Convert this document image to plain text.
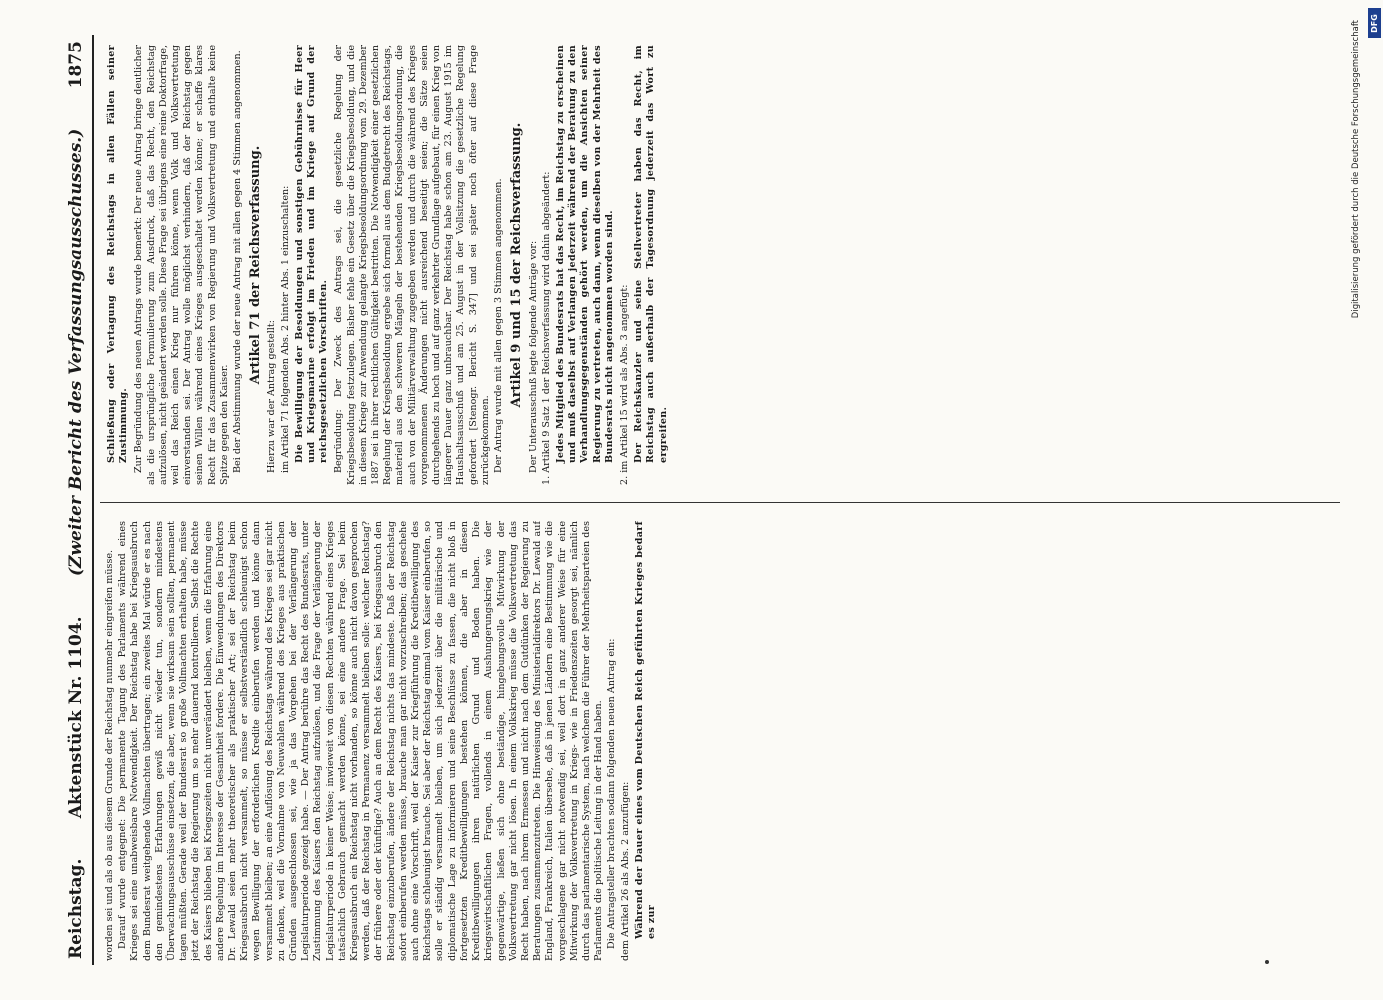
Reichstag.
Aktenstück Nr. 1104.
(Zweiter Bericht des Verfassungsausschusses.)
1875

worden sei und als ob aus diesem Grunde der Reichstag nunmehr eingreifen müsse. Darauf wurde entgegnet: Die permanente Tagung des Parlaments während eines Krieges sei eine unabweisbare Notwendigkeit. Der Reichstag habe bei Kriegsausbruch dem Bundesrat weitgehende Vollmachten übertragen; ein zweites Mal würde er es nach den gemindestens Erfahrungen gewiß nicht wieder tun, sondern mindestens Überwachungsausschüsse einsetzen, die aber, wenn sie wirksam sein sollten, permanent tagen müßten. Gerade weil der Bundesrat so große Vollmachten erhalten habe, müsse jetzt der Reichstag die Regierung um so mehr dauernd kontrollieren. Selbst die Rechte des Kaisers blieben bei Kriegszeiten nicht unverändert bleiben, wenn die Erfahrung eine andere Regelung im Interesse der Gesamtheit fordere. Die Einwendungen des Direktors Dr. Lewald seien mehr theoretischer als praktischer Art; sei der Reichstag beim Kriegsausbruch nicht versammelt, so müsse er selbstverständlich schleunigst schon wegen Bewilligung der erforderlichen Kredite einberufen werden und könne dann versammelt bleiben; an eine Auflösung des Reichstags während des Krieges sei gar nicht zu denken, weil die Vornahme von Neuwahlen während des Krieges aus praktischen Gründen ausgeschlossen sei, wie ja das Vorgehen bei der Verlängerung der Legislaturperiode gezeigt habe. — Der Antrag berühre das Recht des Bundesrats, unter Zustimmung des Kaisers den Reichstag aufzulösen, und die Frage der Verlängerung der Legislaturperiode in keiner Weise; inwieweit von diesen Rechten während eines Krieges tatsächlich Gebrauch gemacht werden könne, sei eine andere Frage. Sei beim Kriegsausbruch ein Reichstag nicht vorhanden, so könne auch nicht davon gesprochen werden, daß der Reichstag in Permanenz versammelt bleiben solle: welcher Reichstag? der frühere oder der künftige? Auch an dem Recht des Kaisers, bei Kriegsausbruch den Reichstag einzuberufen, ändere der Reichstag nichts das mindeste. Daß der Reichstag sofort einberufen werden müsse, brauche man gar nicht vorzuschreiben; das geschehe auch ohne eine Vorschrift, weil der Kaiser zur Kriegführung die Kreditbewilligung des Reichstags schleunigst brauche. Sei aber der Reichstag einmal vom Kaiser einberufen, so solle er ständig versammelt bleiben, um sich jederzeit über die militärische und diplomatische Lage zu informieren und seine Beschlüsse zu fassen, die nicht bloß in fortgesetzten Kreditbewilligungen bestehen können, die aber in diesen Kreditbewilligungen ihren natürlichen Grund und Boden haben. Die kriegswirtschaftlichen Fragen, vollends in einem Aushungerungskrieg wie der gegenwärtige, ließen sich ohne beständige, hingebungsvolle Mitwirkung der Volksvertretung gar nicht lösen. In einem Volkskrieg müsse die Volksvertretung das Recht haben, nach ihrem Ermessen und nicht nach dem Gutdünken der Regierung zu Beratungen zusammenzutreten. Die Hinweisung des Ministerialdirektors Dr. Lewald auf England, Frankreich, Italien übersehe, daß in jenen Ländern eine Bestimmung wie die vorgeschlagene gar nicht notwendig sei, weil dort in ganz anderer Weise für eine Mitwirkung der Volksvertretung in Kriegs- wie in Friedenszeiten gesorgt sei, nämlich durch das parlamentarische System, nach welchem die Führer der Mehrheitsparteien des Parlaments die politische Leitung in der Hand haben. Die Antragsteller brachten sodann folgenden neuen Antrag ein: dem Artikel 26 als Abs. 2 anzufügen: Während der Dauer eines vom Deutschen Reich geführten Krieges bedarf es zur

Schließung oder Vertagung des Reichstags in allen Fällen seiner Zustimmung. Zur Begründung des neuen Antrags wurde bemerkt: Der neue Antrag bringe deutlicher als die ursprüngliche Formulierung zum Ausdruck, daß das Recht, den Reichstag aufzulösen, nicht geändert werden solle. Diese Frage sei übrigens eine reine Doktorfrage, weil das Reich einen Krieg nur führen könne, wenn Volk und Volksvertretung einverstanden sei. Der Antrag wolle möglichst verhindern, daß der Reichstag gegen seinen Willen während eines Krieges ausgeschaltet werden könne; er schaffe klares Recht für das Zusammenwirken von Regierung und Volksvertretung und enthalte keine Spitze gegen den Kaiser. Bei der Abstimmung wurde der neue Antrag mit allen gegen 4 Stimmen angenommen. Artikel 71 der Reichsverfassung.

Hierzu war der Antrag gestellt: im Artikel 71 folgenden Abs. 2 hinter Abs. 1 einzuschalten: Die Bewilligung der Besoldungen und sonstigen Gebührnisse für Heer und Kriegsmarine erfolgt im Frieden und im Kriege auf Grund der reichsgesetzlichen Vorschriften. Begründung: Der Zweck des Antrags sei, die gesetzliche Regelung der Kriegsbesoldung festzulegen. Bisher fehle ein Gesetz über die Kriegsbesoldung, und die in diesem Kriege zur Anwendung gelangte Kriegsbesoldungsordnung vom 29. Dezember 1887 sei in ihrer rechtlichen Gültigkeit bestritten. Die Notwendigkeit einer gesetzlichen Regelung der Kriegsbesoldung ergebe sich formell aus dem Budgetrecht des Reichstags, materiell aus den schweren Mängeln der bestehenden Kriegsbesoldungsordnung, die auch von der Militärverwaltung zugegeben werden und durch die während des Krieges vorgenommenen Änderungen nicht ausreichend beseitigt seien; die Sätze seien durchgehends zu hoch und auf ganz verkehrter Grundlage aufgebaut, für einen Krieg von längerer Dauer ganz unbrauchbar. Der Reichstag habe schon am 23. August 1915 im Haushaltsausschuß und am 25. August in der Vollsitzung die gesetzliche Regelung gefordert [Stenogr. Bericht S. 347] und sei später noch öfter auf diese Frage zurückgekommen. Der Antrag wurde mit allen gegen 3 Stimmen angenommen. Artikel 9 und 15 der Reichsverfassung. Der Unterausschuß legte folgende Anträge vor: 1. Artikel 9 Satz 1 der Reichsverfassung wird dahin abgeändert: Jedes Mitglied des Bundesrats hat das Recht, im Reichstag zu erscheinen und muß daselbst auf Verlangen jederzeit während der Beratung zu den Verhandlungsgegenständen gehört werden, um die Ansichten seiner Regierung zu vertreten, auch dann, wenn dieselben von der Mehrheit des Bundesrats nicht angenommen worden sind. 2. im Artikel 15 wird als Abs. 3 angefügt: Der Reichskanzler und seine Stellvertreter haben das Recht, im Reichstag auch außerhalb der Tagesordnung jederzeit das Wort zu ergreifen.

Digitalisierung gefördert durch die Deutsche Forschungsgemeinschaft DFG
